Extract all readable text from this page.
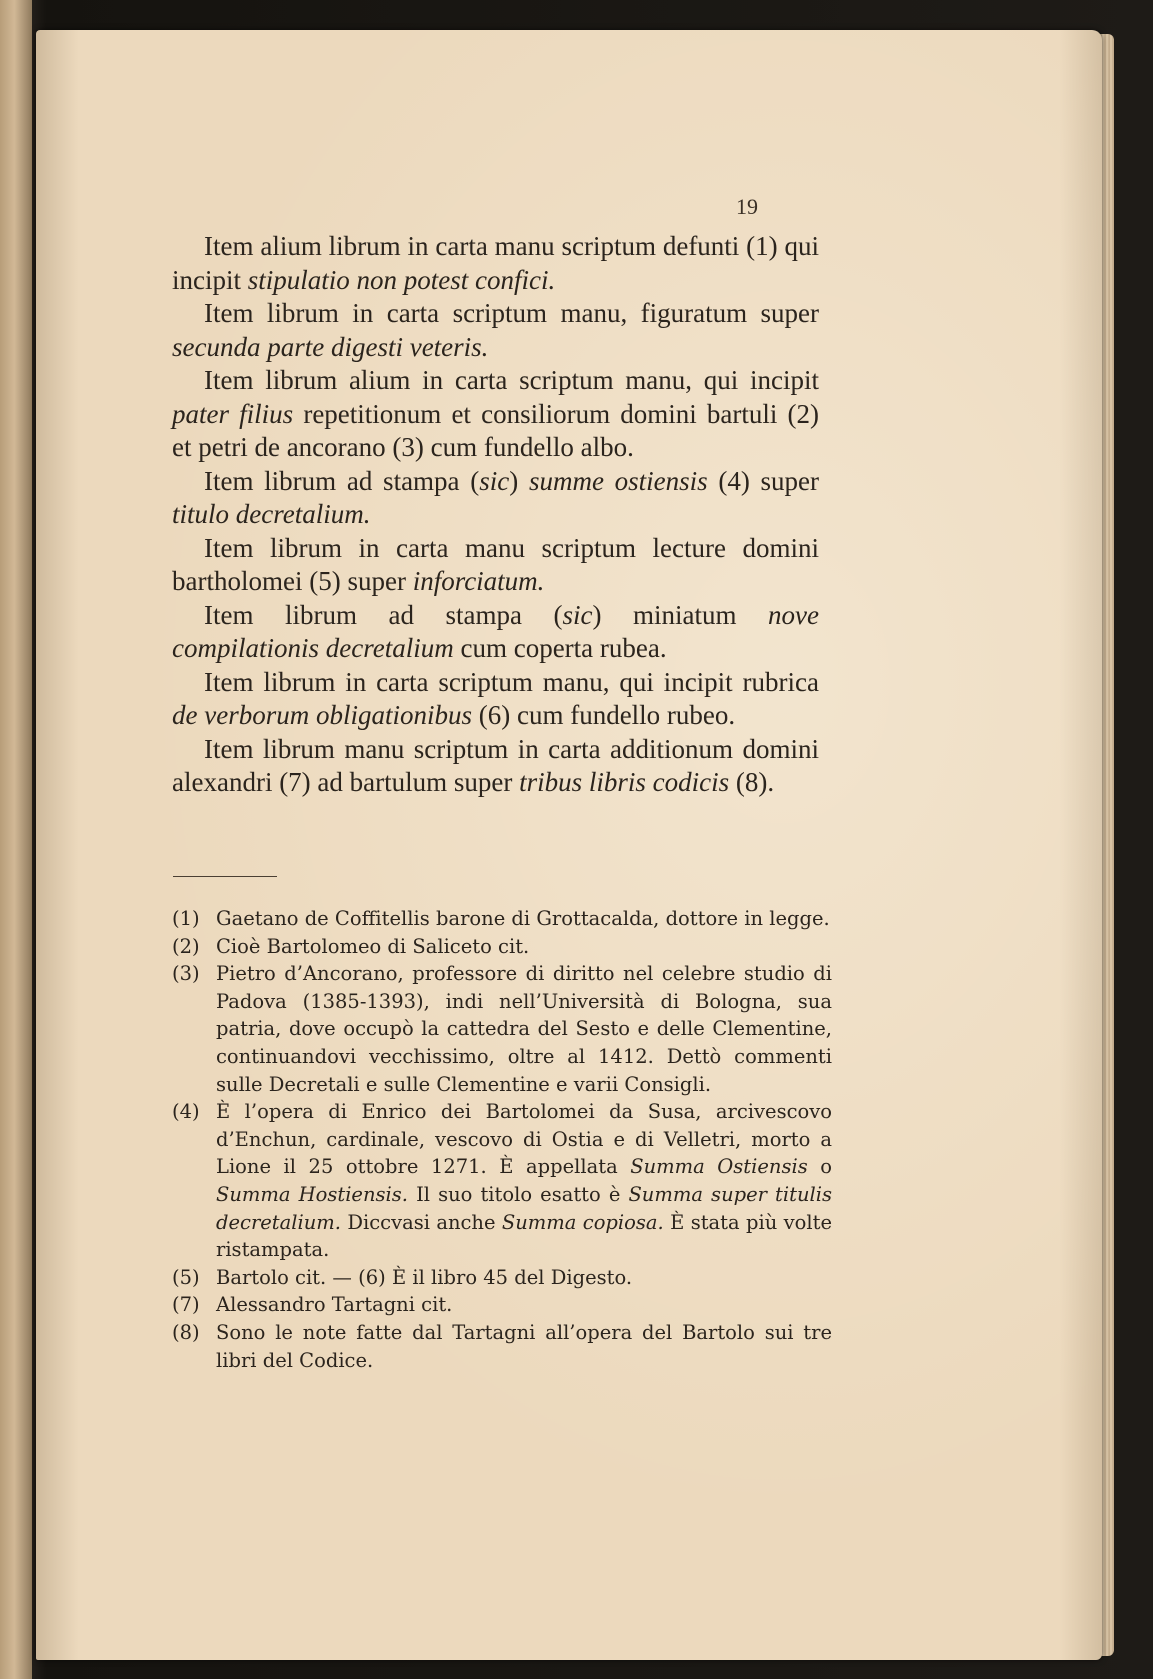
19

Item alium librum in carta manu scriptum defunti (1) qui incipit stipulatio non potest confici.

Item librum in carta scriptum manu, figuratum super secunda parte digesti veteris.

Item librum alium in carta scriptum manu, qui incipit pater filius repetitionum et consiliorum domini bartuli (2) et petri de ancorano (3) cum fundello albo.

Item librum ad stampa (sic) summe ostiensis (4) super titulo decretalium.

Item librum in carta manu scriptum lecture domini bartholomei (5) super inforciatum.

Item librum ad stampa (sic) miniatum nove compilationis decretalium cum coperta rubea.

Item librum in carta scriptum manu, qui incipit rubrica de verborum obligationibus (6) cum fundello rubeo.

Item librum manu scriptum in carta additionum domini alexandri (7) ad bartulum super tribus libris codicis (8).

(1) Gaetano de Coffitellis barone di Grottacalda, dottore in legge.
(2) Cioè Bartolomeo di Saliceto cit.
(3) Pietro d’Ancorano, professore di diritto nel celebre studio di Padova (1385-1393), indi nell’Università di Bologna, sua patria, dove occupò la cattedra del Sesto e delle Clementine, continuandovi vecchissimo, oltre al 1412. Dettò commenti sulle Decretali e sulle Clementine e varii Consigli.
(4) È l’opera di Enrico dei Bartolomei da Susa, arcivescovo d’Enchun, cardinale, vescovo di Ostia e di Velletri, morto a Lione il 25 ottobre 1271. È appellata Summa Ostiensis o Summa Hostiensis. Il suo titolo esatto è Summa super titulis decretalium. Diccvasi anche Summa copiosa. È stata più volte ristampata.
(5) Bartolo cit. — (6) È il libro 45 del Digesto.
(7) Alessandro Tartagni cit.
(8) Sono le note fatte dal Tartagni all’opera del Bartolo sui tre libri del Codice.
